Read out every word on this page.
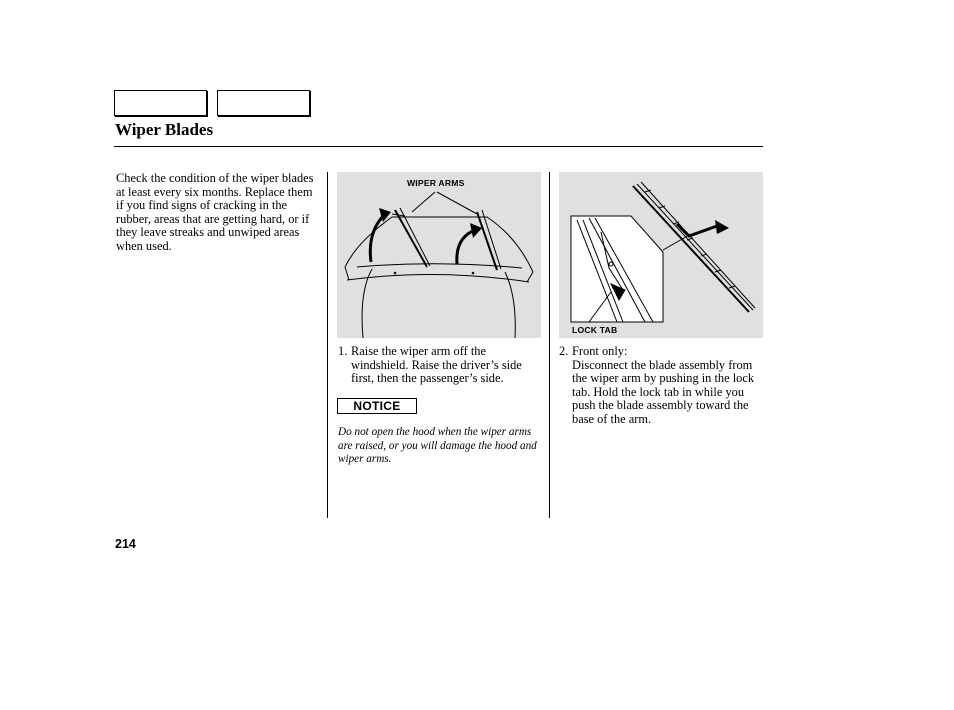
Wiper Blades
Check the condition of the wiper blades at least every six months. Replace them if you find signs of cracking in the rubber, areas that are getting hard, or if they leave streaks and unwiped areas when used.
WIPER ARMS
LOCK TAB
1. Raise the wiper arm off the windshield. Raise the driver’s side first, then the passenger’s side.
2. Front only:
Disconnect the blade assembly from the wiper arm by pushing in the lock tab. Hold the lock tab in while you push the blade assembly toward the base of the arm.
NOTICE
Do not open the hood when the wiper arms are raised, or you will damage the hood and wiper arms.
214
